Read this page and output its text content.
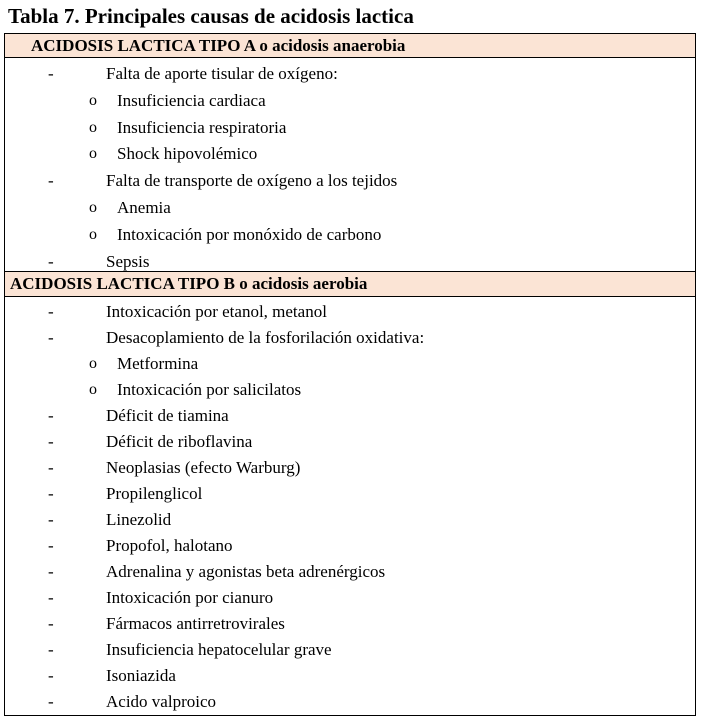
Tabla 7. Principales causas de acidosis lactica
ACIDOSIS LACTICA TIPO A o acidosis anaerobia
-	Falta de aporte tisular de oxígeno:
o Insuficiencia cardiaca
o Insuficiencia respiratoria
o Shock hipovolémico
-	Falta de transporte de oxígeno a los tejidos
o Anemia
o Intoxicación por monóxido de carbono
-	Sepsis
ACIDOSIS LACTICA TIPO B o acidosis aerobia
-	Intoxicación por etanol, metanol
-	Desacoplamiento de la fosforilación oxidativa:
o Metformina
o Intoxicación por salicilatos
-	Déficit de tiamina
-	Déficit de riboflavina
-	Neoplasias (efecto Warburg)
-	Propilenglicol
-	Linezolid
-	Propofol, halotano
-	Adrenalina y agonistas beta adrenérgicos
-	Intoxicación por cianuro
-	Fármacos antirretrovirales
-	Insuficiencia hepatocelular grave
-	Isoniazida
-	Acido valproico
